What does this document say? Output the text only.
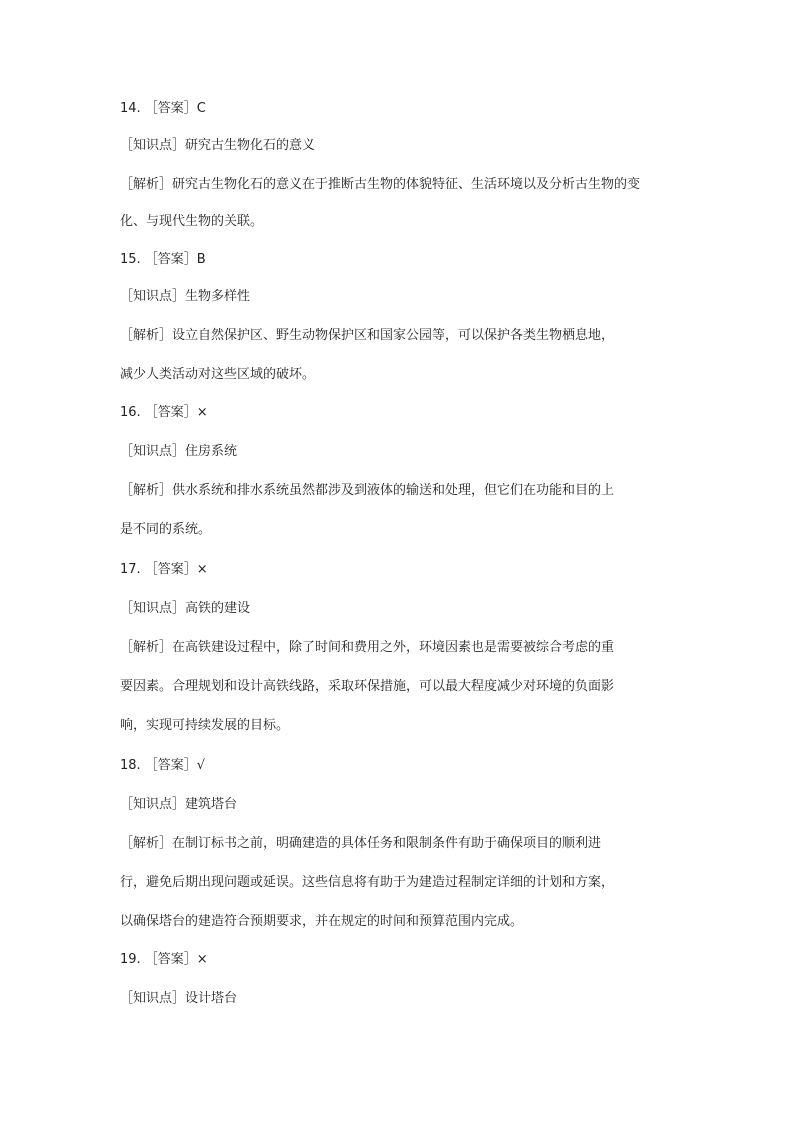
14. ［答案］C
［知识点］研究古生物化石的意义
［解析］研究古生物化石的意义在于推断古生物的体貌特征、生活环境以及分析古生物的变
化、与现代生物的关联。
15. ［答案］B
［知识点］生物多样性
［解析］设立自然保护区、野生动物保护区和国家公园等，可以保护各类生物栖息地，
减少人类活动对这些区域的破坏。
16. ［答案］×
［知识点］住房系统
［解析］供水系统和排水系统虽然都涉及到液体的输送和处理，但它们在功能和目的上
是不同的系统。
17. ［答案］×
［知识点］高铁的建设
［解析］在高铁建设过程中，除了时间和费用之外，环境因素也是需要被综合考虑的重
要因素。合理规划和设计高铁线路，采取环保措施，可以最大程度减少对环境的负面影
响，实现可持续发展的目标。
18. ［答案］√
［知识点］建筑塔台
［解析］在制订标书之前，明确建造的具体任务和限制条件有助于确保项目的顺利进
行，避免后期出现问题或延误。这些信息将有助于为建造过程制定详细的计划和方案，
以确保塔台的建造符合预期要求，并在规定的时间和预算范围内完成。
19. ［答案］×
［知识点］设计塔台
